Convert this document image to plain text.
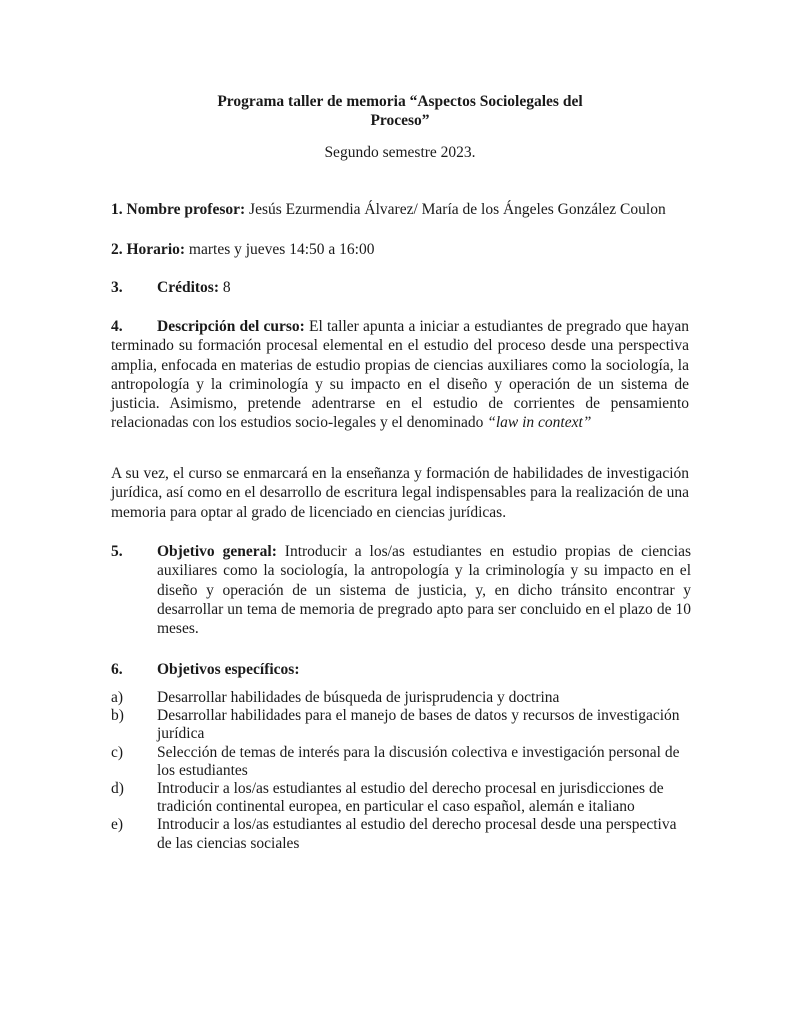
Programa taller de memoria “Aspectos Sociolegales del
Proceso”
Segundo semestre 2023.
1. Nombre profesor: Jesús Ezurmendia Álvarez/ María de los Ángeles González Coulon
2. Horario: martes y jueves 14:50 a 16:00
3. Créditos: 8
4. Descripción del curso: El taller apunta a iniciar a estudiantes de pregrado que hayan terminado su formación procesal elemental en el estudio del proceso desde una perspectiva amplia, enfocada en materias de estudio propias de ciencias auxiliares como la sociología, la antropología y la criminología y su impacto en el diseño y operación de un sistema de justicia. Asimismo, pretende adentrarse en el estudio de corrientes de pensamiento relacionadas con los estudios socio-legales y el denominado “law in context”
A su vez, el curso se enmarcará en la enseñanza y formación de habilidades de investigación jurídica, así como en el desarrollo de escritura legal indispensables para la realización de una memoria para optar al grado de licenciado en ciencias jurídicas.
5. Objetivo general: Introducir a los/as estudiantes en estudio propias de ciencias auxiliares como la sociología, la antropología y la criminología y su impacto en el diseño y operación de un sistema de justicia, y, en dicho tránsito encontrar y desarrollar un tema de memoria de pregrado apto para ser concluido en el plazo de 10 meses.
6. Objetivos específicos:
a) Desarrollar habilidades de búsqueda de jurisprudencia y doctrina
b) Desarrollar habilidades para el manejo de bases de datos y recursos de investigación jurídica
c) Selección de temas de interés para la discusión colectiva e investigación personal de los estudiantes
d) Introducir a los/as estudiantes al estudio del derecho procesal en jurisdicciones de tradición continental europea, en particular el caso español, alemán e italiano
e) Introducir a los/as estudiantes al estudio del derecho procesal desde una perspectiva de las ciencias sociales
